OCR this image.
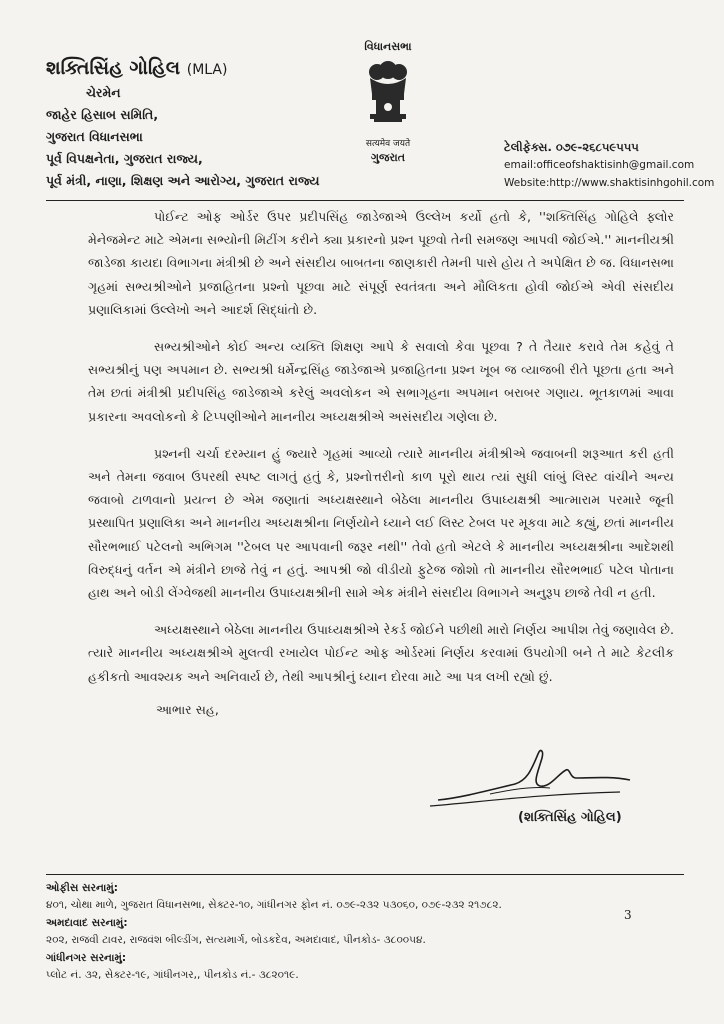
શક્તિસિંહ ગોહિલ (MLA)
ચેરમેન
જાહેર હિસાબ સમિતિ,
ગુજરાત વિધાનસભા
પૂર્વ વિપક્ષનેતા, ગુજરાત રાજ્ય,
પૂર્વ મંત્રી, નાણા, શિક્ષણ અને આરોગ્ય, ગુજરાત રાજ્ય
વિધાનસભા
सत्यमेव जयते
ગુજરાત
ટેલીફેક્સ. ૦૭૯-૨૬૮૫૯૫૫૫
email:officeofshaktisinh@gmail.com
Website:http://www.shaktisinhgohil.com

પોઈન્ટ ઓફ ઓર્ડર ઉપર પ્રદીપસિંહ જાડેજાએ ઉલ્લેખ કર્યો હતો કે, ''શક્તિસિંહ ગોહિલે ફ્લોર મેનેજમેન્ટ માટે એમના સભ્યોની મિટીંગ કરીને ક્યા પ્રકારનો પ્રશ્ન પૂછવો તેની સમજણ આપવી જોઈએ.'' માનનીયશ્રી જાડેજા કાયદા વિભાગના મંત્રીશ્રી છે અને સંસદીય બાબતના જાણકારી તેમની પાસે હોય તે અપેક્ષિત છે જ. વિધાનસભા ગૃહમાં સભ્યશ્રીઓને પ્રજાહિતના પ્રશ્નો પૂછવા માટે સંપૂર્ણ સ્વતંત્રતા અને મૌલિકતા હોવી જોઈએ એવી સંસદીય પ્રણાલિકામાં ઉલ્લેખો અને આદર્શ સિદ્ધાંતો છે.

સભ્યશ્રીઓને કોઈ અન્ય વ્યક્તિ શિક્ષણ આપે કે સવાલો કેવા પૂછવા ? તે તૈયાર કરાવે તેમ કહેવું તે સભ્યશ્રીનું પણ અપમાન છે. સભ્યશ્રી ધર્મેન્દ્રસિંહ જાડેજાએ પ્રજાહિતના પ્રશ્ન ખૂબ જ વ્યાજબી રીતે પૂછતા હતા અને તેમ છતાં મંત્રીશ્રી પ્રદીપસિંહ જાડેજાએ કરેલું અવલોકન એ સભાગૃહના અપમાન બરાબર ગણાય. ભૂતકાળમાં આવા પ્રકારના અવલોકનો કે ટિપ્પણીઓને માનનીય અધ્યક્ષશ્રીએ અસંસદીય ગણેલા છે.

પ્રશ્નની ચર્ચા દરમ્યાન હું જ્યારે ગૃહમાં આવ્યો ત્યારે માનનીય મંત્રીશ્રીએ જવાબની શરૂઆત કરી હતી અને તેમના જવાબ ઉપરથી સ્પષ્ટ લાગતું હતું કે, પ્રશ્નોત્તરીનો કાળ પૂરો થાય ત્યાં સુધી લાંબું લિસ્ટ વાંચીને અન્ય જવાબો ટાળવાનો પ્રયત્ન છે એમ જણાતાં અધ્યક્ષસ્થાને બેઠેલા માનનીય ઉપાધ્યક્ષશ્રી આત્મારામ પરમારે જૂની પ્રસ્થાપિત પ્રણાલિકા અને માનનીય અધ્યક્ષશ્રીના નિર્ણયોને ધ્યાને લઈ લિસ્ટ ટેબલ પર મૂકવા માટે કહ્યું, છતાં માનનીય સૌરભભાઈ પટેલનો અભિગમ ''ટેબલ પર આપવાની જરૂર નથી'' તેવો હતો એટલે કે માનનીય અધ્યક્ષશ્રીના આદેશથી વિરુદ્ધનું વર્તન એ મંત્રીને છાજે તેવું ન હતું. આપશ્રી જો વીડીયો ફુટેજ જોશો તો માનનીય સૌરભભાઈ પટેલ પોતાના હાથ અને બોડી લેંગ્વેજથી માનનીય ઉપાધ્યક્ષશ્રીની સામે એક મંત્રીને સંસદીય વિભાગને અનુરૂપ છાજે તેવી ન હતી.

અધ્યક્ષસ્થાને બેઠેલા માનનીય ઉપાધ્યક્ષશ્રીએ રેકર્ડ જોઈને પછીથી મારો નિર્ણય આપીશ તેવું જણાવેલ છે. ત્યારે માનનીય અધ્યક્ષશ્રીએ મુલત્વી રખાયેલ પોઈન્ટ ઓફ ઓર્ડરમાં નિર્ણય કરવામાં ઉપયોગી બને તે માટે કેટલીક હકીકતો આવશ્યક અને અનિવાર્ય છે, તેથી આપશ્રીનું ધ્યાન દોરવા માટે આ પત્ર લખી રહ્યો છું.

આભાર સહ,
(શક્તિસિંહ ગોહિલ)
ઓફીસ સરનામું:
૪૦૧, ચોથા માળે, ગુજરાત વિધાનસભા, સેક્ટર-૧૦, ગાંધીનગર ફોન નં. ૦૭૯-૨૩૨ ૫૩૦૬૦, ૦૭૯-૨૩૨ ૨૧૭૮૨.
અમદાવાદ સરનામું:
૨૦૨, રાજવી ટાવર, રાજવંશ બીલ્ડીંગ, સત્યમાર્ગ, બોડકદેવ, અમદાવાદ, પીનકોડ- ૩૮૦૦૫૪.
ગાંધીનગર સરનામું:
પ્લોટ નં. ૩૨, સેક્ટર-૧૯, ગાંધીનગર,, પીનકોડ નં.- ૩૮૨૦૧૯.
3
